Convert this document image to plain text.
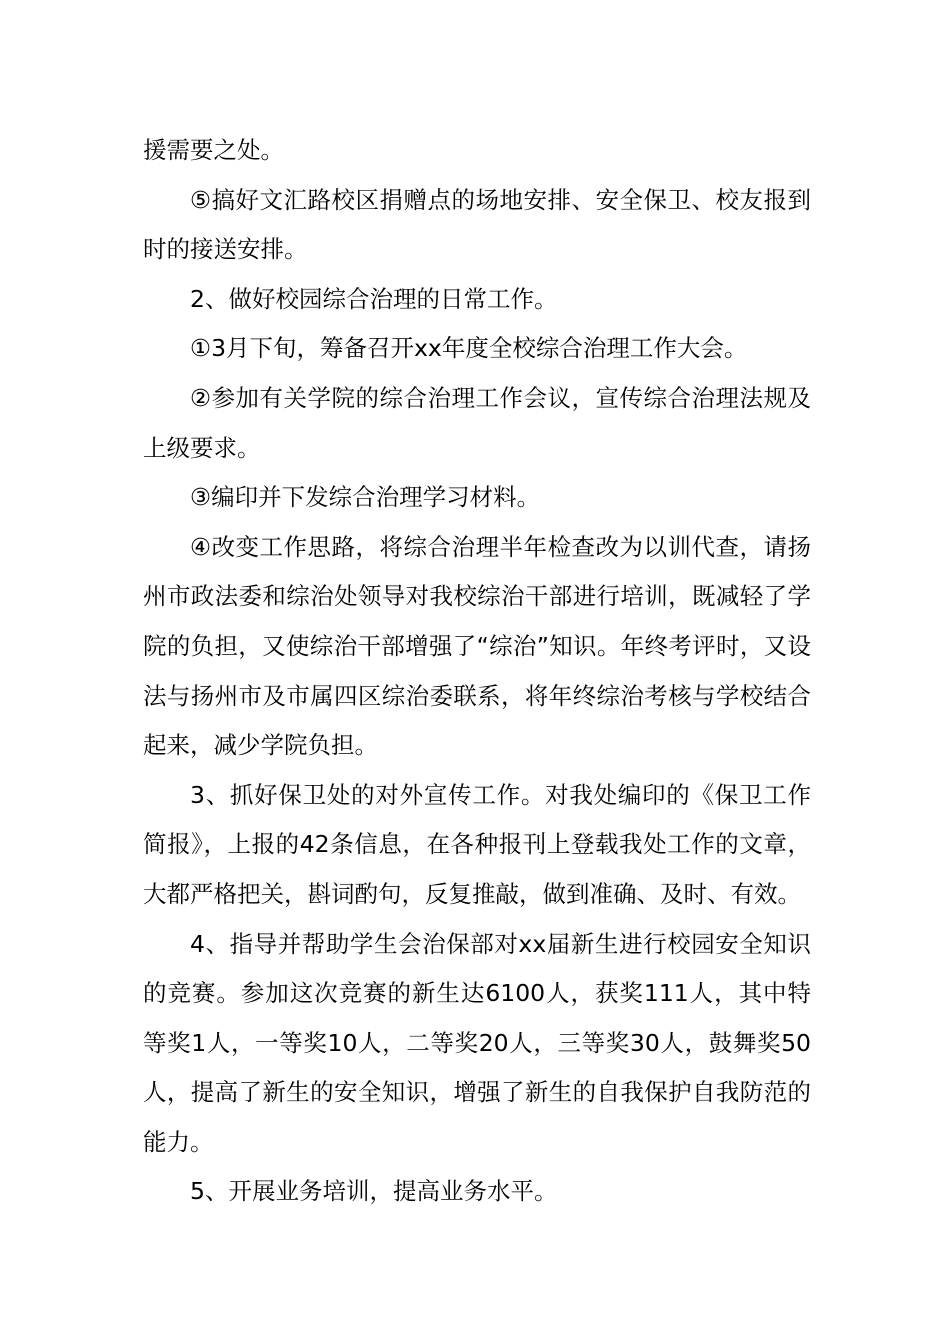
援需要之处。

⑤搞好文汇路校区捐赠点的场地安排、安全保卫、校友报到时的接送安排。

2、做好校园综合治理的日常工作。

①3月下旬，筹备召开xx年度全校综合治理工作大会。

②参加有关学院的综合治理工作会议，宣传综合治理法规及上级要求。

③编印并下发综合治理学习材料。

④改变工作思路，将综合治理半年检查改为以训代查，请扬州市政法委和综治处领导对我校综治干部进行培训，既减轻了学院的负担，又使综治干部增强了“综治”知识。年终考评时，又设法与扬州市及市属四区综治委联系，将年终综治考核与学校结合起来，减少学院负担。

3、抓好保卫处的对外宣传工作。对我处编印的《保卫工作简报》，上报的42条信息，在各种报刊上登载我处工作的文章，大都严格把关，斟词酌句，反复推敲，做到准确、及时、有效。

4、指导并帮助学生会治保部对xx届新生进行校园安全知识的竞赛。参加这次竞赛的新生达6100人，获奖111人，其中特等奖1人，一等奖10人，二等奖20人，三等奖30人，鼓舞奖50人，提高了新生的安全知识，增强了新生的自我保护自我防范的能力。

5、开展业务培训，提高业务水平。
